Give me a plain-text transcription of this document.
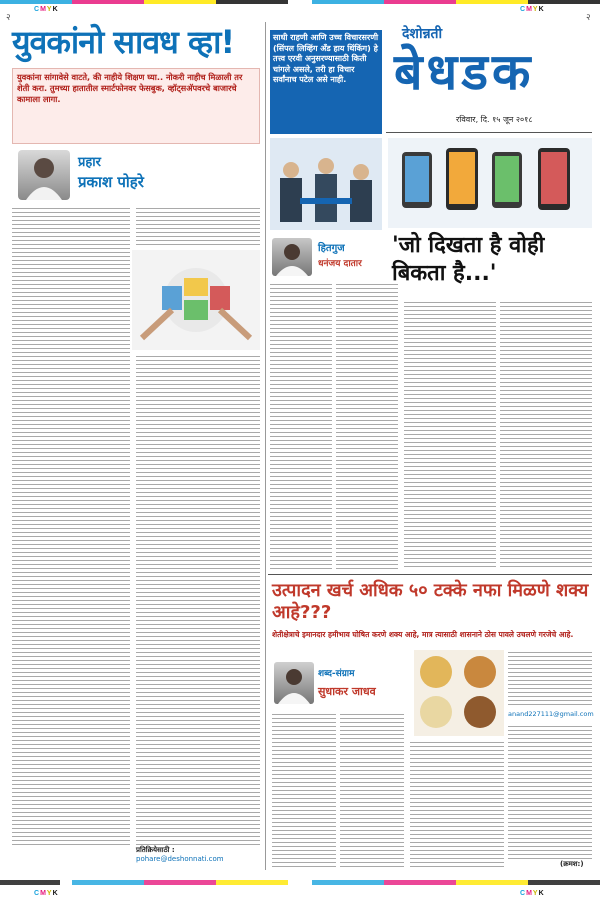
CMYK	CMYK
२	२
युवकांनो सावध व्हा!
युवकांना सांगावेसे वाटते, की नाहीये शिक्षण घ्या.. नोकरी नाहीच मिळाली तर शेती करा. तुमच्या हातातील स्मार्टफोनवर फेसबुक, व्हॉट्सअ‍ॅपवरचे बाजारचे कामाला लागा.
प्रहार
प्रकाश पोहरे
प्रतिक्रियेसाठी : pohare@deshonnati.com
साधी राहणी आणि उच्च विचारसरणी (सिंपल लिव्हिंग अँड हाय थिंकिंग) हे तत्त्व एरवी अनुसरण्यासाठी किती चांगले असले, तरी हा विचार सर्वांनाच पटेल असे नाही.
हितगुज
धनंजय दातार
देशोन्नती
बेधडक
रविवार, दि. १५ जून २०१८
'जो दिखता है वोही बिकता है...'
उत्पादन खर्च अधिक ५० टक्के नफा मिळणे शक्य आहे???
शेतीक्षेत्राचे इमानदार हमीभाव घोषित करणे शक्य आहे, मात्र त्यासाठी शासनाने ठोस पावले उचलणे गरजेचे आहे.
शब्द-संग्राम
सुधाकर जाधव
anand227111@gmail.com
(क्रमश:)
CMYK	CMYK
